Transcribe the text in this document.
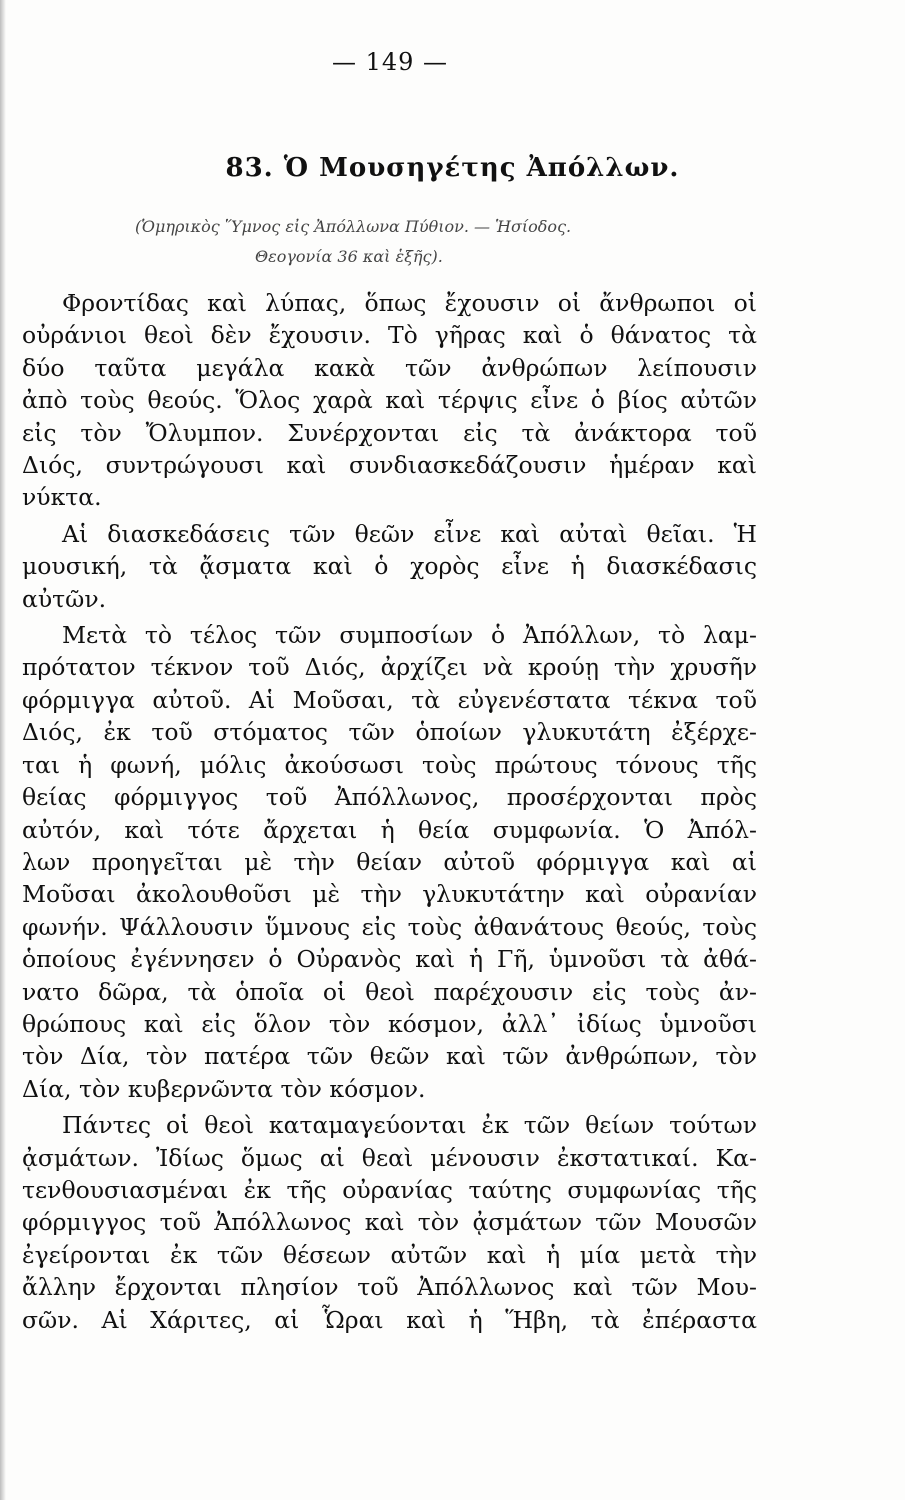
— 149 —
83. Ὁ Μουσηγέτης Ἀπόλλων.
(Ὁμηρικὸς Ὕμνος εἰς Ἀπόλλωνα Πύθιον. — Ἡσίοδος.
Θεογονία 36 καὶ ἑξῆς).
Φροντίδας καὶ λύπας, ὅπως ἔχουσιν οἱ ἄνθρωποι οἱ
οὐράνιοι θεοὶ δὲν ἔχουσιν. Τὸ γῆρας καὶ ὁ θάνατος τὰ
δύο ταῦτα μεγάλα κακὰ τῶν ἀνθρώπων λείπουσιν
ἀπὸ τοὺς θεούς. Ὅλος χαρὰ καὶ τέρψις εἶνε ὁ βίος αὐτῶν
εἰς τὸν Ὄλυμπον. Συνέρχονται εἰς τὰ ἀνάκτορα τοῦ
Διός, συντρώγουσι καὶ συνδιασκεδάζουσιν ἡμέραν καὶ
νύκτα.
Αἱ διασκεδάσεις τῶν θεῶν εἶνε καὶ αὐταὶ θεῖαι. Ἡ
μουσική, τὰ ᾄσματα καὶ ὁ χορὸς εἶνε ἡ διασκέδασις
αὐτῶν.
Μετὰ τὸ τέλος τῶν συμποσίων ὁ Ἀπόλλων, τὸ λαμ-
πρότατον τέκνον τοῦ Διός, ἀρχίζει νὰ κρούῃ τὴν χρυσῆν
φόρμιγγα αὐτοῦ. Αἱ Μοῦσαι, τὰ εὐγενέστατα τέκνα τοῦ
Διός, ἐκ τοῦ στόματος τῶν ὁποίων γλυκυτάτη ἐξέρχε-
ται ἡ φωνή, μόλις ἀκούσωσι τοὺς πρώτους τόνους τῆς
θείας φόρμιγγος τοῦ Ἀπόλλωνος, προσέρχονται πρὸς
αὐτόν, καὶ τότε ἄρχεται ἡ θεία συμφωνία. Ὁ Ἀπόλ-
λων προηγεῖται μὲ τὴν θείαν αὐτοῦ φόρμιγγα καὶ αἱ
Μοῦσαι ἀκολουθοῦσι μὲ τὴν γλυκυτάτην καὶ οὐρανίαν
φωνήν. Ψάλλουσιν ὕμνους εἰς τοὺς ἀθανάτους θεούς, τοὺς
ὁποίους ἐγέννησεν ὁ Οὐρανὸς καὶ ἡ Γῆ, ὑμνοῦσι τὰ ἀθά-
νατο δῶρα, τὰ ὁποῖα οἱ θεοὶ παρέχουσιν εἰς τοὺς ἀν-
θρώπους καὶ εἰς ὅλον τὸν κόσμον, ἀλλ᾽ ἰδίως ὑμνοῦσι
τὸν Δία, τὸν πατέρα τῶν θεῶν καὶ τῶν ἀνθρώπων, τὸν
Δία, τὸν κυβερνῶντα τὸν κόσμον.
Πάντες οἱ θεοὶ καταμαγεύονται ἐκ τῶν θείων τούτων
ᾀσμάτων. Ἰδίως ὅμως αἱ θεαὶ μένουσιν ἐκστατικαί. Κα-
τενθουσιασμέναι ἐκ τῆς οὐρανίας ταύτης συμφωνίας τῆς
φόρμιγγος τοῦ Ἀπόλλωνος καὶ τὸν ᾀσμάτων τῶν Μουσῶν
ἐγείρονται ἐκ τῶν θέσεων αὐτῶν καὶ ἡ μία μετὰ τὴν
ἄλλην ἔρχονται πλησίον τοῦ Ἀπόλλωνος καὶ τῶν Μου-
σῶν. Αἱ Χάριτες, αἱ Ὧραι καὶ ἡ Ἥβη, τὰ ἐπέραστα
